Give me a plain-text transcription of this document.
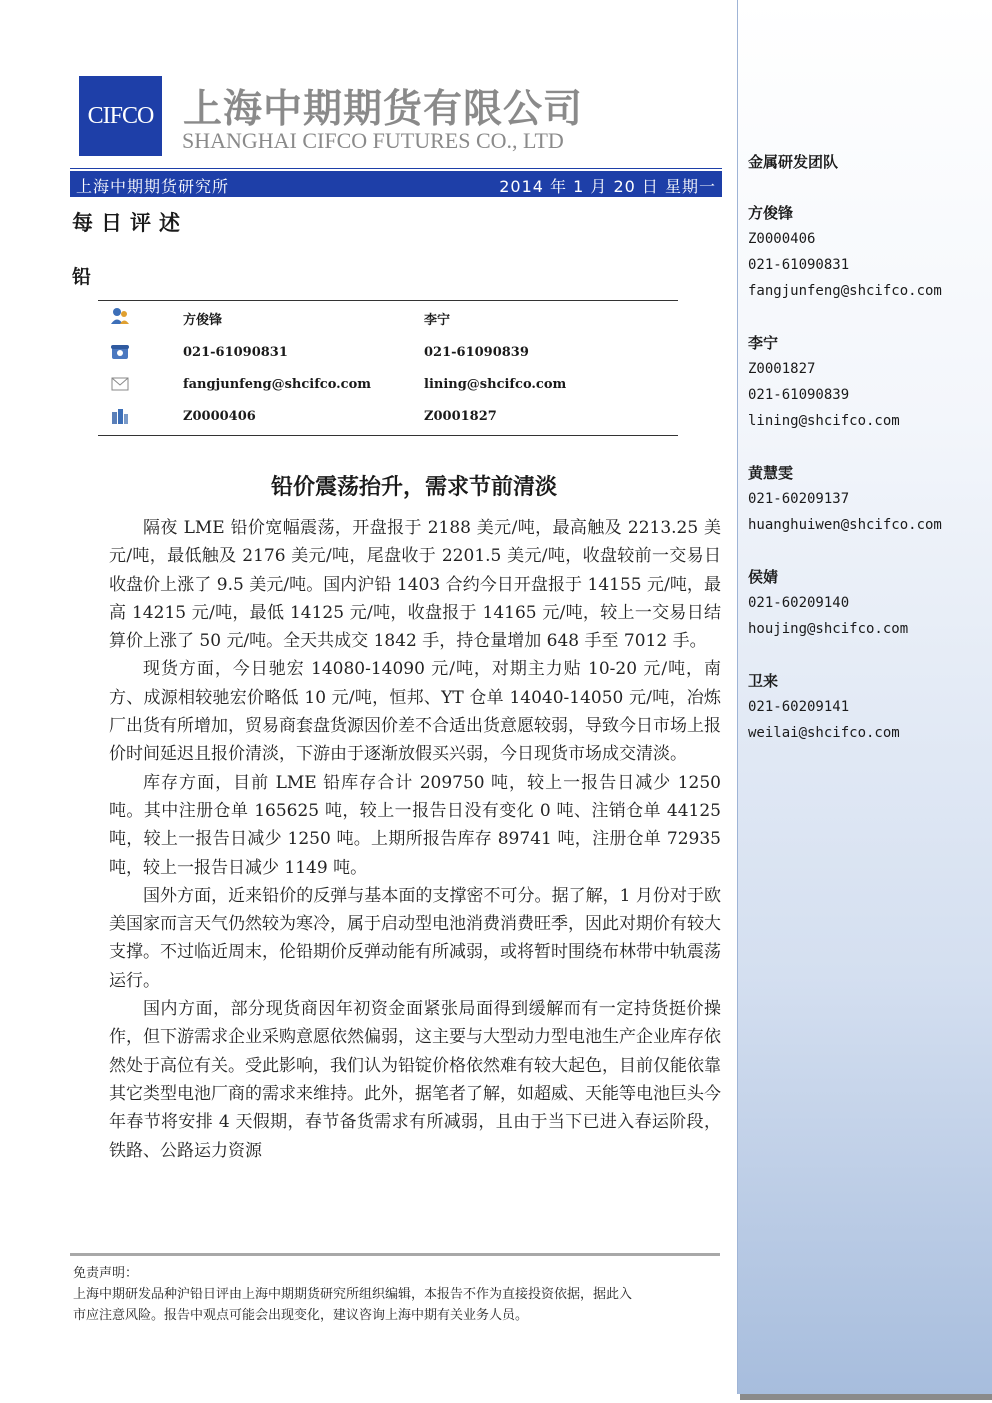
CIFCO 上海中期期货有限公司
SHANGHAI CIFCO FUTURES CO., LTD
上海中期期货研究所	2014 年 1 月 20 日 星期一
每日评述
铅
方俊锋	李宁
021-61090831	021-61090839
fangjunfeng@shcifco.com	lining@shcifco.com
Z0000406	Z0001827
铅价震荡抬升，需求节前清淡

隔夜 LME 铅价宽幅震荡，开盘报于 2188 美元/吨，最高触及 2213.25 美元/吨，最低触及 2176 美元/吨，尾盘收于 2201.5 美元/吨，收盘较前一交易日收盘价上涨了 9.5 美元/吨。国内沪铅 1403 合约今日开盘报于 14155 元/吨，最高 14215 元/吨，最低 14125 元/吨，收盘报于 14165 元/吨，较上一交易日结算价上涨了 50 元/吨。全天共成交 1842 手，持仓量增加 648 手至 7012 手。

现货方面，今日驰宏 14080-14090 元/吨，对期主力贴 10-20 元/吨，南方、成源相较驰宏价略低 10 元/吨，恒邦、YT 仓单 14040-14050 元/吨，冶炼厂出货有所增加，贸易商套盘货源因价差不合适出货意愿较弱，导致今日市场上报价时间延迟且报价清淡，下游由于逐渐放假买兴弱，今日现货市场成交清淡。

库存方面，目前 LME 铅库存合计 209750 吨，较上一报告日减少 1250 吨。其中注册仓单 165625 吨，较上一报告日没有变化 0 吨、注销仓单 44125 吨，较上一报告日减少 1250 吨。上期所报告库存 89741 吨，注册仓单 72935 吨，较上一报告日减少 1149 吨。

国外方面，近来铅价的反弹与基本面的支撑密不可分。据了解，1 月份对于欧美国家而言天气仍然较为寒冷，属于启动型电池消费消费旺季，因此对期价有较大支撑。不过临近周末，伦铅期价反弹动能有所减弱，或将暂时围绕布林带中轨震荡运行。

国内方面，部分现货商因年初资金面紧张局面得到缓解而有一定持货挺价操作，但下游需求企业采购意愿依然偏弱，这主要与大型动力型电池生产企业库存依然处于高位有关。受此影响，我们认为铅锭价格依然难有较大起色，目前仅能依靠其它类型电池厂商的需求来维持。此外，据笔者了解，如超威、天能等电池巨头今年春节将安排 4 天假期，春节备货需求有所减弱，且由于当下已进入春运阶段，铁路、公路运力资源

免责声明：
上海中期研发品种沪铅日评由上海中期期货研究所组织编辑，本报告不作为直接投资依据，据此入
市应注意风险。报告中观点可能会出现变化，建议咨询上海中期有关业务人员。
金属研发团队
方俊锋
Z0000406
021-61090831
fangjunfeng@shcifco.com
李宁
Z0001827
021-61090839
lining@shcifco.com
黄慧雯
021-60209137
huanghuiwen@shcifco.com
侯婧
021-60209140
houjing@shcifco.com
卫来
021-60209141
weilai@shcifco.com
